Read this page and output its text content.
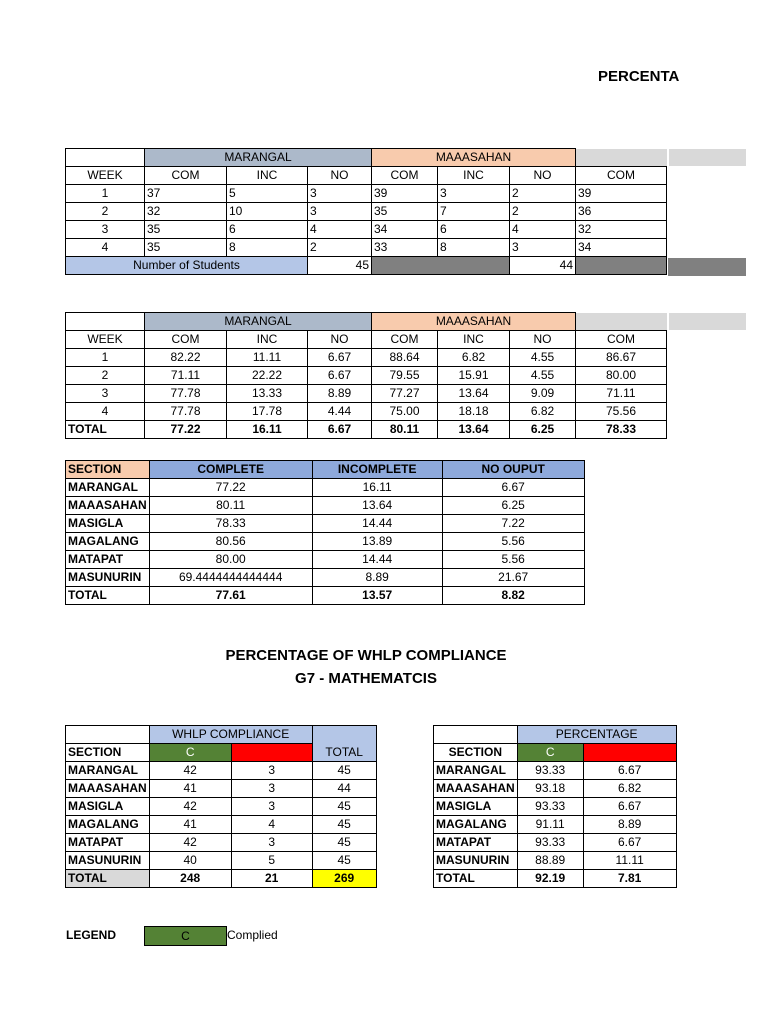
PERCENTA
	MARANGAL			MAAASAHAN			
WEEK	COM	INC	NO	COM	INC	NO	COM
1	37	5	3	39	3	2	39
2	32	10	3	35	7	2	36
3	35	6	4	34	6	4	32
4	35	8	2	33	8	3	34
Number of Students			45			44	
	MARANGAL			MAAASAHAN			
WEEK	COM	INC	NO	COM	INC	NO	COM
1	82.22	11.11	6.67	88.64	6.82	4.55	86.67
2	71.11	22.22	6.67	79.55	15.91	4.55	80.00
3	77.78	13.33	8.89	77.27	13.64	9.09	71.11
4	77.78	17.78	4.44	75.00	18.18	6.82	75.56
TOTAL	77.22	16.11	6.67	80.11	13.64	6.25	78.33
SECTION	COMPLETE	INCOMPLETE	NO OUPUT
MARANGAL	77.22	16.11	6.67
MAAASAHAN	80.11	13.64	6.25
MASIGLA	78.33	14.44	7.22
MAGALANG	80.56	13.89	5.56
MATAPAT	80.00	14.44	5.56
MASUNURIN	69.4444444444444	8.89	21.67
TOTAL	77.61	13.57	8.82
PERCENTAGE OF WHLP COMPLIANCE
G7 - MATHEMATCIS
	WHLP COMPLIANCE		
SECTION	C	DC	TOTAL
MARANGAL	42	3	45
MAAASAHAN	41	3	44
MASIGLA	42	3	45
MAGALANG	41	4	45
MATAPAT	42	3	45
MASUNURIN	40	5	45
TOTAL	248	21	269
	PERCENTAGE	
SECTION	C	DC
MARANGAL	93.33	6.67
MAAASAHAN	93.18	6.82
MASIGLA	93.33	6.67
MAGALANG	91.11	8.89
MATAPAT	93.33	6.67
MASUNURIN	88.89	11.11
TOTAL	92.19	7.81
LEGEND	C	Complied
